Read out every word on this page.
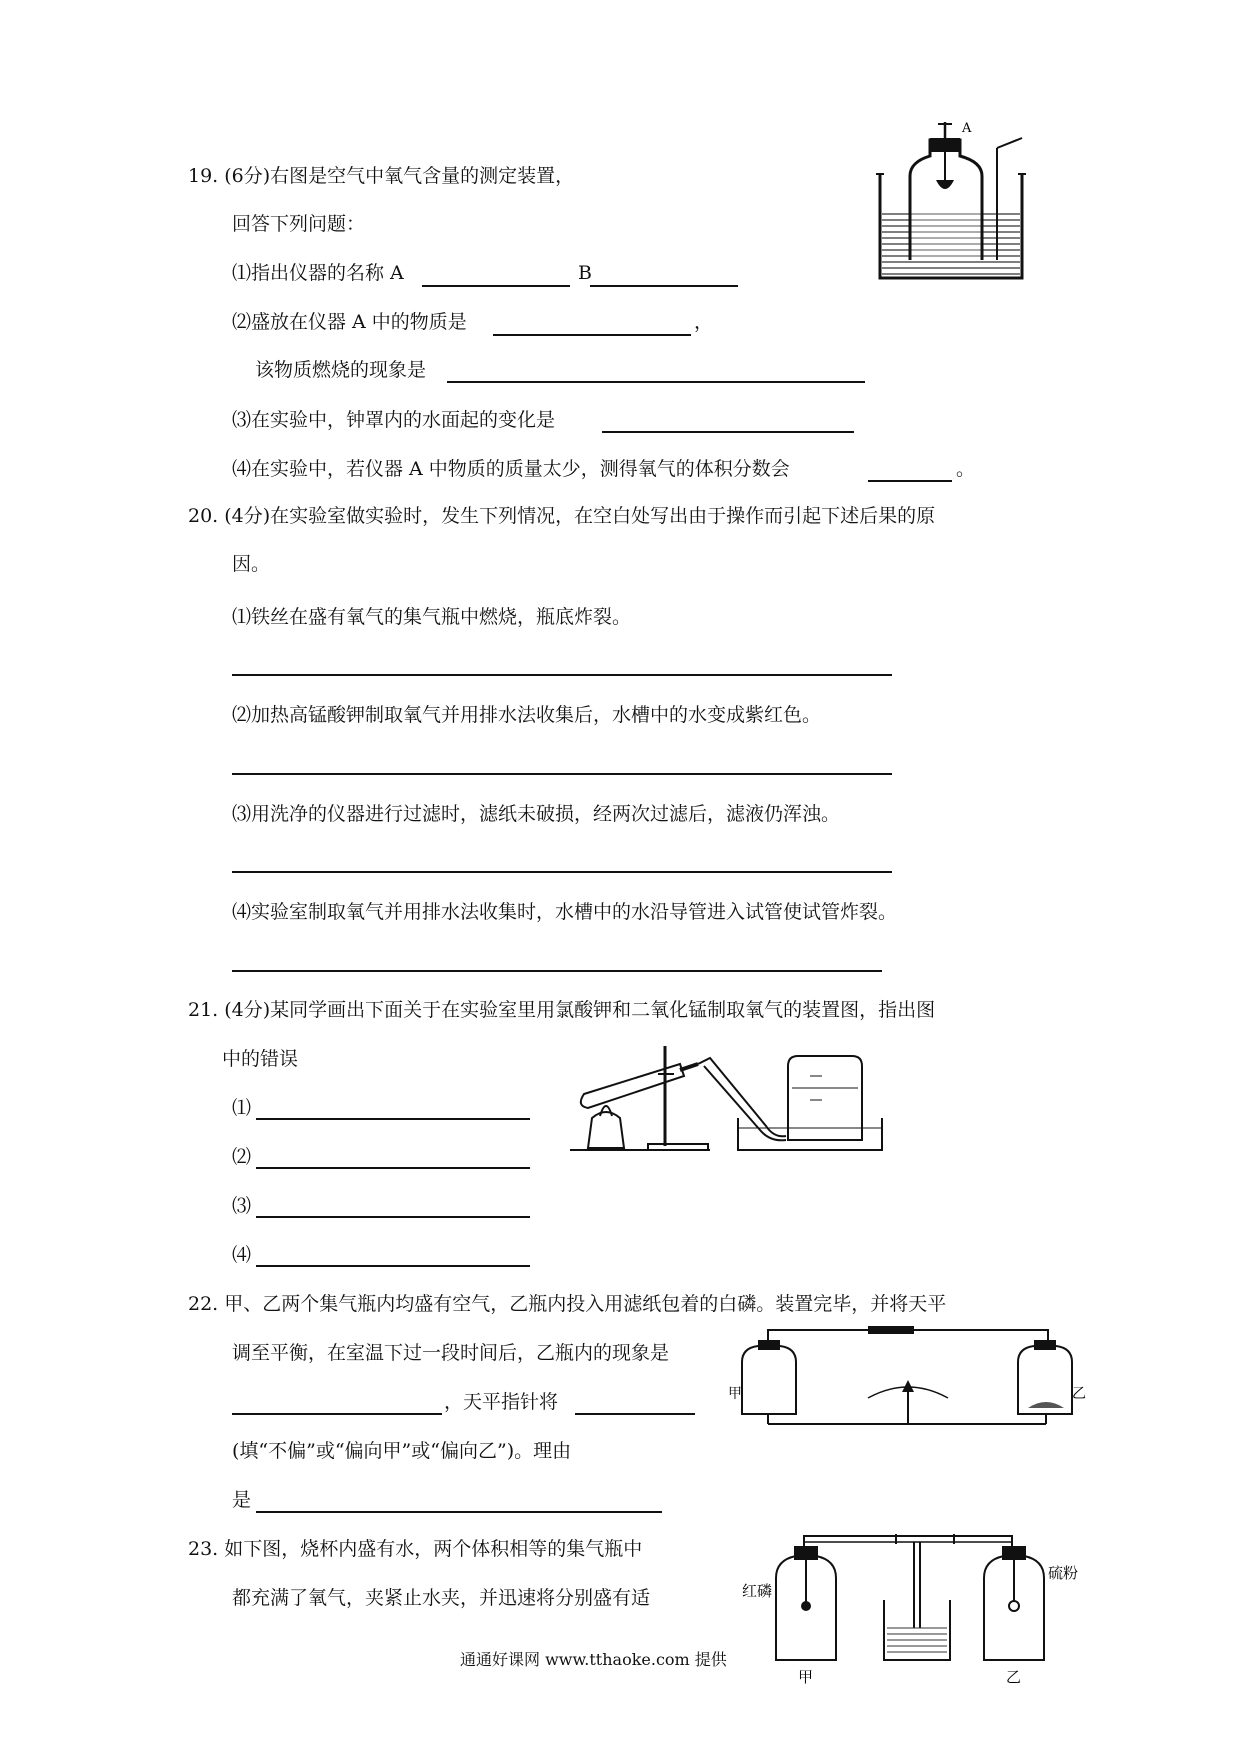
19. (6分)右图是空气中氧气含量的测定装置，
回答下列问题：
⑴指出仪器的名称 A	B
⑵盛放在仪器 A 中的物质是	，
该物质燃烧的现象是
⑶在实验中，钟罩内的水面起的变化是
⑷在实验中，若仪器 A 中物质的质量太少，测得氧气的体积分数会	。
A
20. (4分)在实验室做实验时，发生下列情况，在空白处写出由于操作而引起下述后果的原
因。
⑴铁丝在盛有氧气的集气瓶中燃烧，瓶底炸裂。
⑵加热高锰酸钾制取氧气并用排水法收集后，水槽中的水变成紫红色。
⑶用洗净的仪器进行过滤时，滤纸未破损，经两次过滤后，滤液仍浑浊。
⑷实验室制取氧气并用排水法收集时，水槽中的水沿导管进入试管使试管炸裂。
21. (4分)某同学画出下面关于在实验室里用氯酸钾和二氧化锰制取氧气的装置图，指出图
中的错误
⑴
⑵
⑶
⑷
22. 甲、乙两个集气瓶内均盛有空气，乙瓶内投入用滤纸包着的白磷。装置完毕，并将天平
调至平衡，在室温下过一段时间后，乙瓶内的现象是
，天平指针将
(填“不偏”或“偏向甲”或“偏向乙”)。理由
是
甲	乙
23. 如下图，烧杯内盛有水，两个体积相等的集气瓶中
都充满了氧气，夹紧止水夹，并迅速将分别盛有适	红磷
硫粉
甲	乙
通通好课网 www.tthaoke.com 提供
